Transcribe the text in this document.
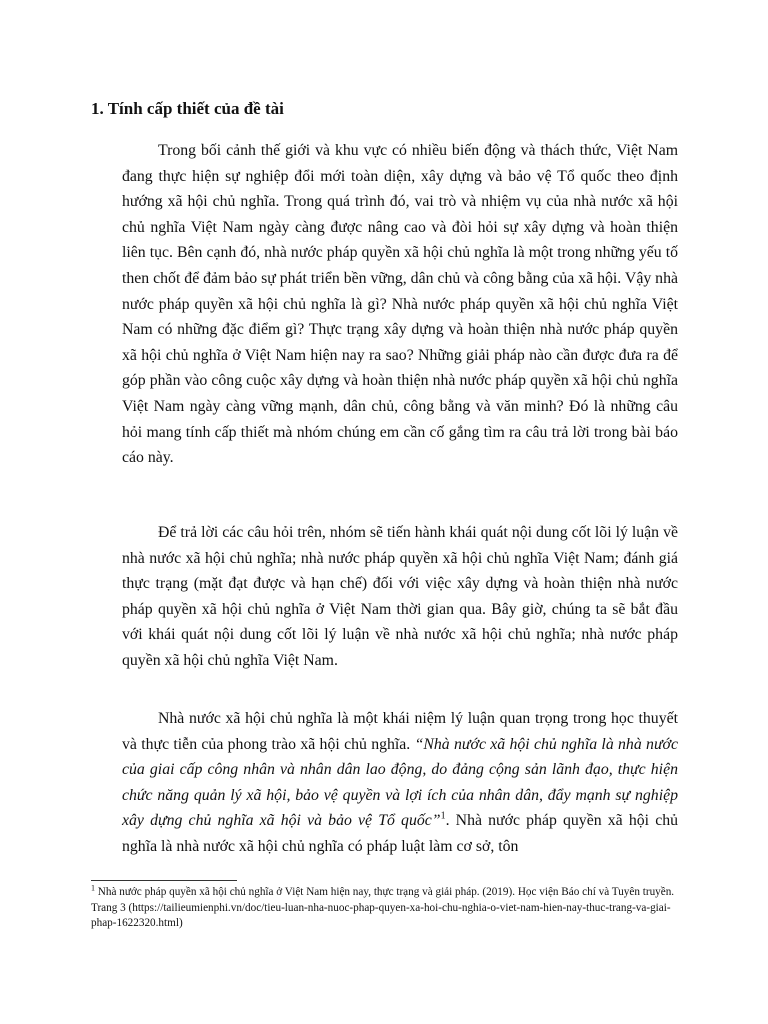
1. Tính cấp thiết của đề tài

Trong bối cảnh thế giới và khu vực có nhiều biến động và thách thức, Việt Nam đang thực hiện sự nghiệp đổi mới toàn diện, xây dựng và bảo vệ Tổ quốc theo định hướng xã hội chủ nghĩa. Trong quá trình đó, vai trò và nhiệm vụ của nhà nước xã hội chủ nghĩa Việt Nam ngày càng được nâng cao và đòi hỏi sự xây dựng và hoàn thiện liên tục. Bên cạnh đó, nhà nước pháp quyền xã hội chủ nghĩa là một trong những yếu tố then chốt để đảm bảo sự phát triển bền vững, dân chủ và công bằng của xã hội. Vậy nhà nước pháp quyền xã hội chủ nghĩa là gì? Nhà nước pháp quyền xã hội chủ nghĩa Việt Nam có những đặc điểm gì? Thực trạng xây dựng và hoàn thiện nhà nước pháp quyền xã hội chủ nghĩa ở Việt Nam hiện nay ra sao? Những giải pháp nào cần được đưa ra để góp phần vào công cuộc xây dựng và hoàn thiện nhà nước pháp quyền xã hội chủ nghĩa Việt Nam ngày càng vững mạnh, dân chủ, công bằng và văn minh? Đó là những câu hỏi mang tính cấp thiết mà nhóm chúng em cần cố gắng tìm ra câu trả lời trong bài báo cáo này.

Để trả lời các câu hỏi trên, nhóm sẽ tiến hành khái quát nội dung cốt lõi lý luận về nhà nước xã hội chủ nghĩa; nhà nước pháp quyền xã hội chủ nghĩa Việt Nam; đánh giá thực trạng (mặt đạt được và hạn chế) đối với việc xây dựng và hoàn thiện nhà nước pháp quyền xã hội chủ nghĩa ở Việt Nam thời gian qua. Bây giờ, chúng ta sẽ bắt đầu với khái quát nội dung cốt lõi lý luận về nhà nước xã hội chủ nghĩa; nhà nước pháp quyền xã hội chủ nghĩa Việt Nam.

Nhà nước xã hội chủ nghĩa là một khái niệm lý luận quan trọng trong học thuyết và thực tiễn của phong trào xã hội chủ nghĩa. “Nhà nước xã hội chủ nghĩa là nhà nước của giai cấp công nhân và nhân dân lao động, do đảng cộng sản lãnh đạo, thực hiện chức năng quản lý xã hội, bảo vệ quyền và lợi ích của nhân dân, đẩy mạnh sự nghiệp xây dựng chủ nghĩa xã hội và bảo vệ Tổ quốc”$^1$. Nhà nước pháp quyền xã hội chủ nghĩa là nhà nước xã hội chủ nghĩa có pháp luật làm cơ sở, tôn

$^1$ Nhà nước pháp quyền xã hội chủ nghĩa ở Việt Nam hiện nay, thực trạng và giải pháp. (2019). Học viện Báo chí và Tuyên truyền. Trang 3 (https://tailieumienphi.vn/doc/tieu-luan-nha-nuoc-phap-quyen-xa-hoi-chu-nghia-o-viet-nam-hien-nay-thuc-trang-va-giai-phap-1622320.html)
